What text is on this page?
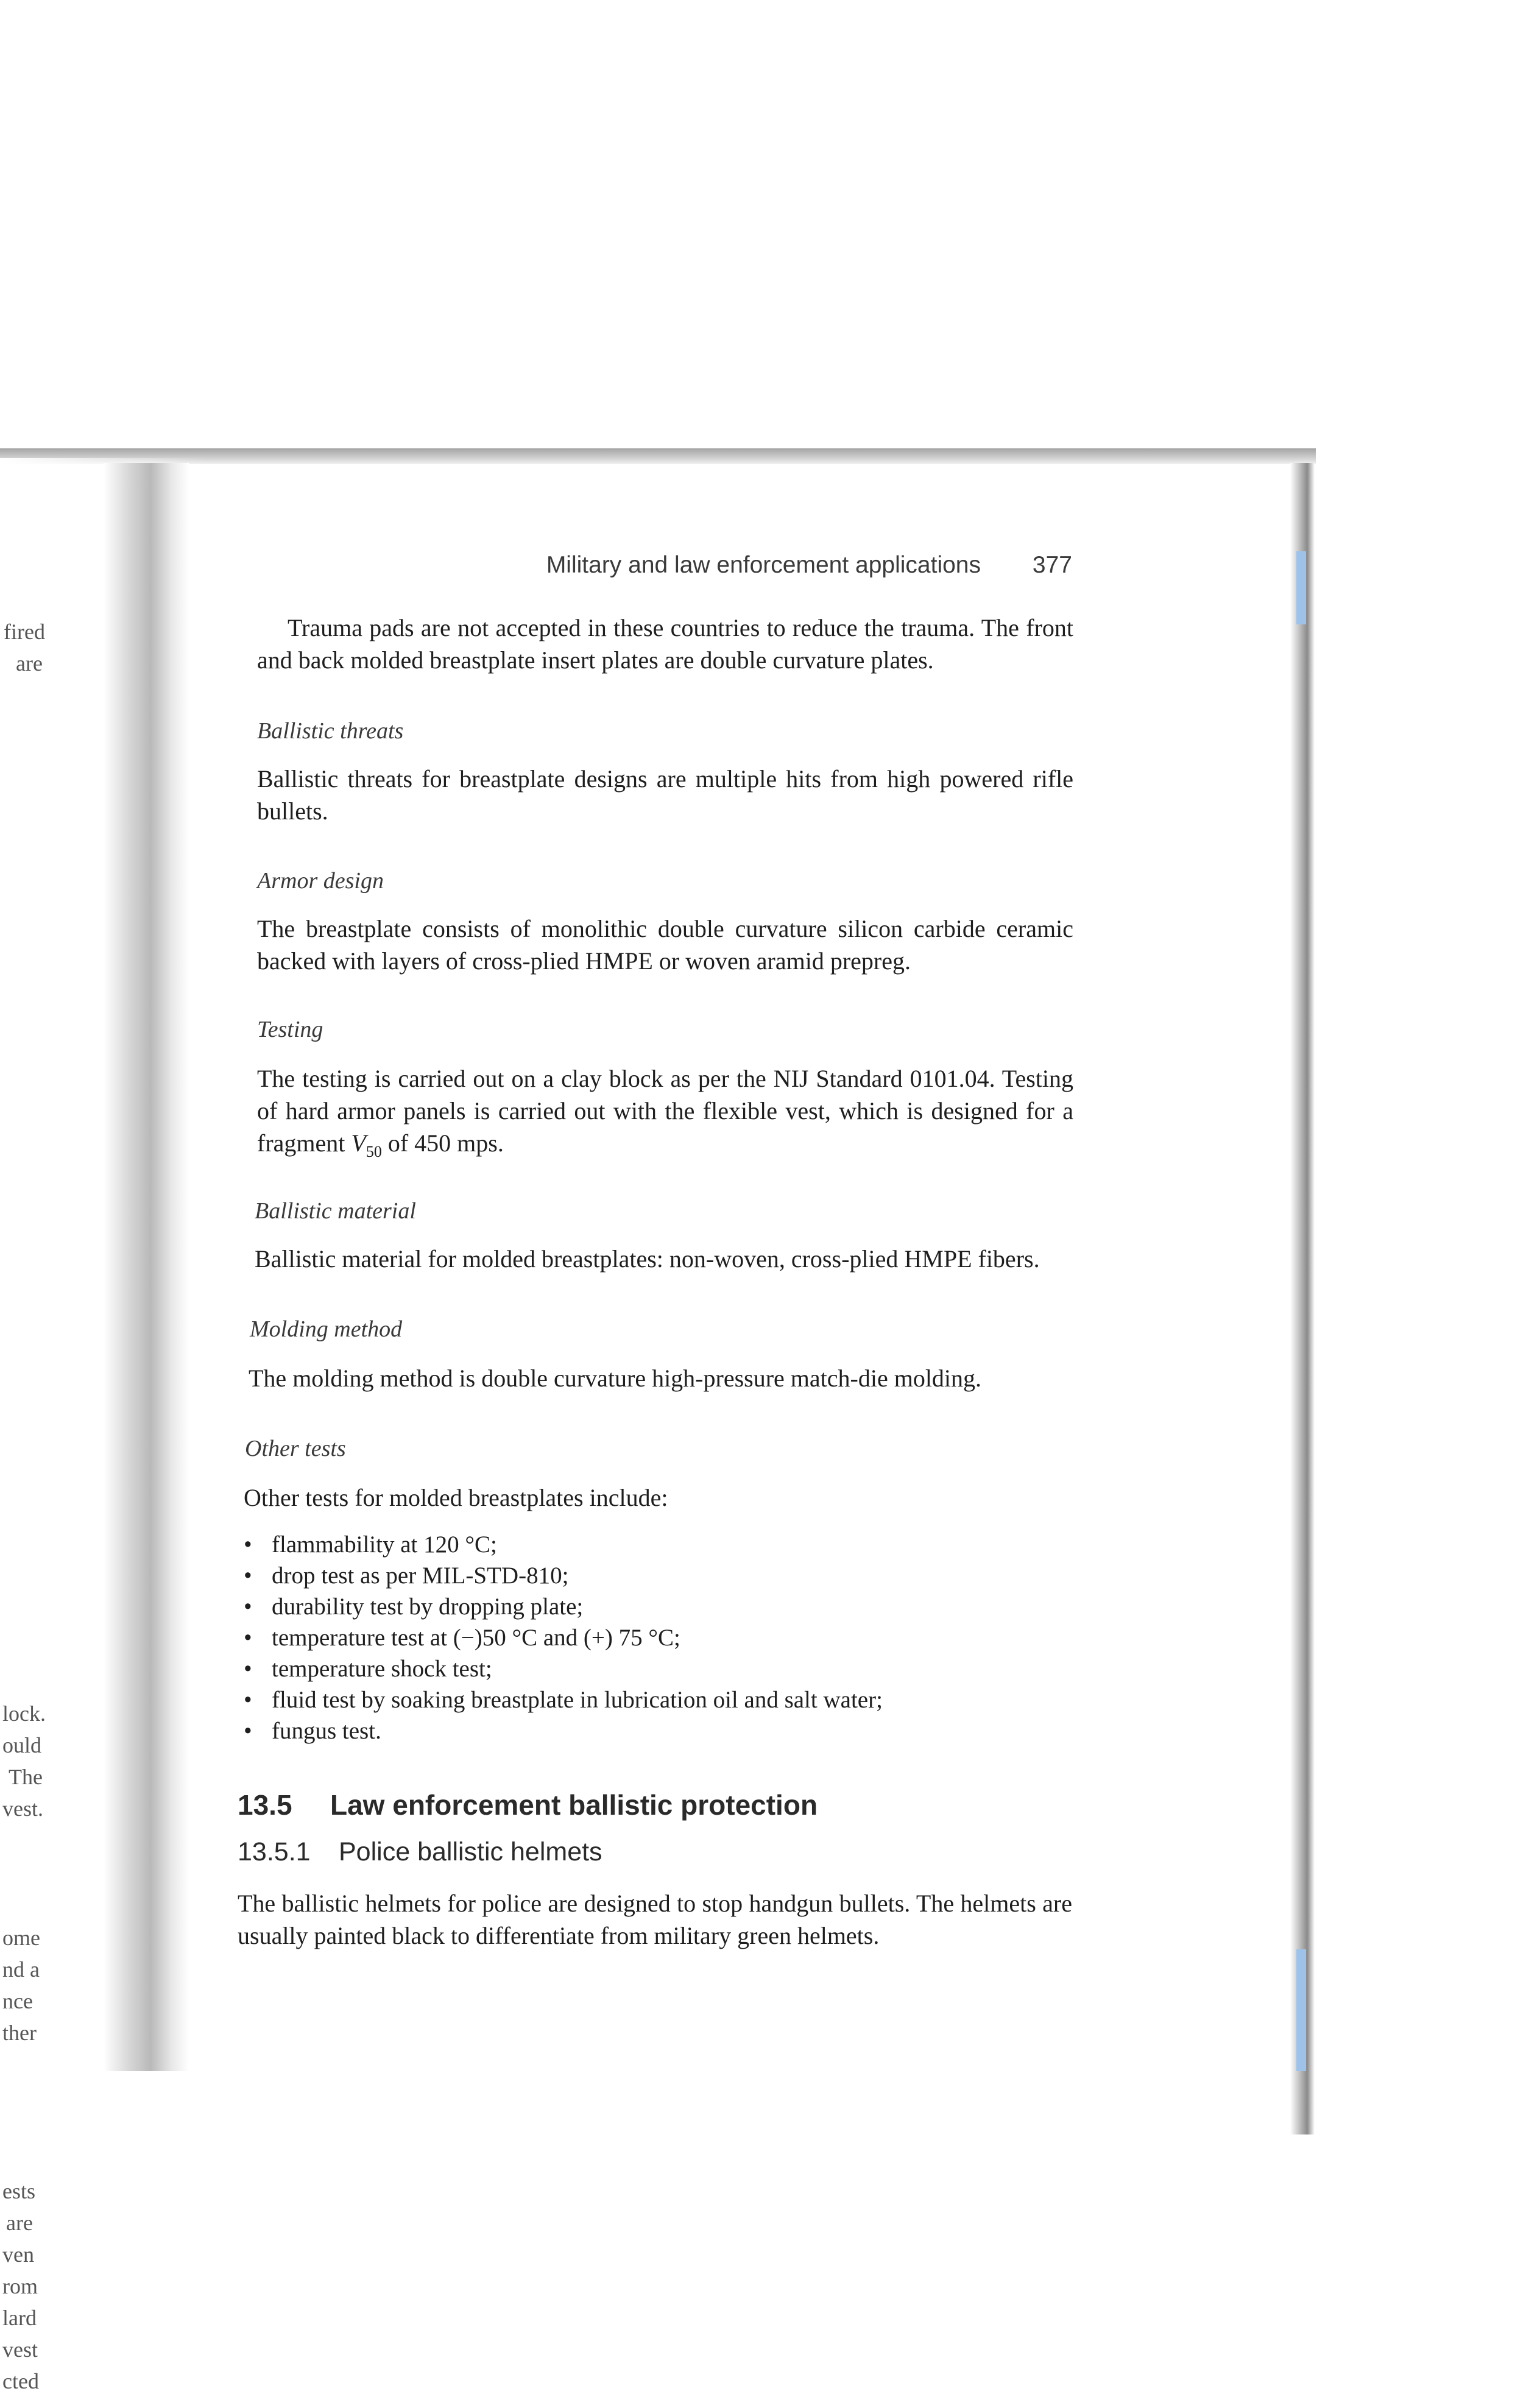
fired
are
lock.
ould
The
vest.
ome
nd a
nce
ther
ests
are
ven
rom
lard
vest
cted
Military and law enforcement applications 377
Trauma pads are not accepted in these countries to reduce the trauma. The front and back molded breastplate insert plates are double curvature plates.
Ballistic threats
Ballistic threats for breastplate designs are multiple hits from high powered rifle bullets.
Armor design
The breastplate consists of monolithic double curvature silicon carbide ceramic backed with layers of cross-plied HMPE or woven aramid prepreg.
Testing
The testing is carried out on a clay block as per the NIJ Standard 0101.04. Testing of hard armor panels is carried out with the flexible vest, which is designed for a fragment $V_{50}$ of 450 mps.
Ballistic material
Ballistic material for molded breastplates: non-woven, cross-plied HMPE fibers.
Molding method
The molding method is double curvature high-pressure match-die molding.
Other tests
Other tests for molded breastplates include:
• flammability at 120 °C;
• drop test as per MIL-STD-810;
• durability test by dropping plate;
• temperature test at (−)50 °C and (+) 75 °C;
• temperature shock test;
• fluid test by soaking breastplate in lubrication oil and salt water;
• fungus test.
13.5 Law enforcement ballistic protection
13.5.1 Police ballistic helmets
The ballistic helmets for police are designed to stop handgun bullets. The helmets are usually painted black to differentiate from military green helmets.
